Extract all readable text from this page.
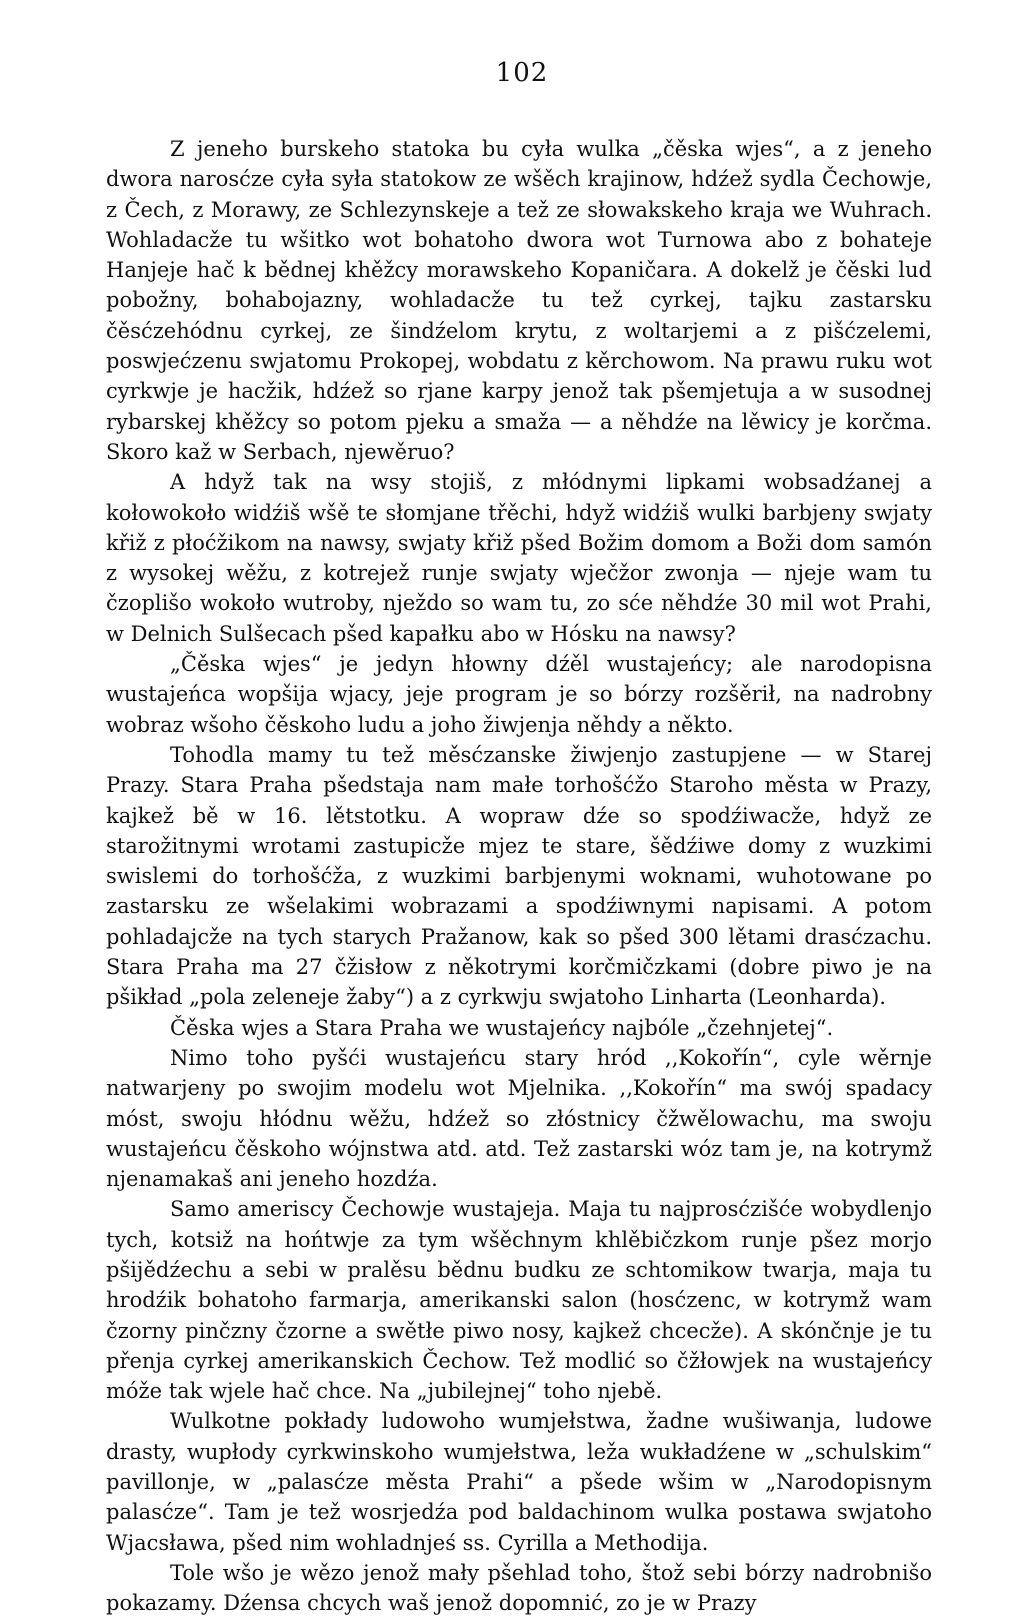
102

Z jeneho burskeho statoka bu cyła wulka „čěska wjes“, a z jeneho dwora narosćze cyła syła statokow ze wšěch krajinow, hdźež sydla Čechowje, z Čech, z Morawy, ze Schlezynskeje a tež ze słowakskeho kraja we Wuhrach. Wohladacže tu wšitko wot bohatoho dwora wot Turnowa abo z bohateje Hanjeje hač k bědnej khěžcy morawskeho Kopaničara. A dokelž je čěski lud pobožny, bohabojazny, wohladacže tu tež cyrkej, tajku zastarsku čěsćzehódnu cyrkej, ze šindźelom krytu, z woltarjemi a z pišćzelemi, poswjećzenu swjatomu Prokopej, wobdatu z kěrchowom. Na prawu ruku wot cyrkwje je hacžik, hdźež so rjane karpy jenož tak pšemjetuja a w susodnej rybarskej khěžcy so potom pjeku a smaža — a něhdźe na lěwicy je korčma. Skoro kaž w Serbach, njewěruo?

A hdyž tak na wsy stojiš, z młódnymi lipkami wobsadźanej a kołowokoło widźiš wšě te słomjane třěchi, hdyž widźiš wulki barbjeny swjaty křiž z płoćžikom na nawsy, swjaty křiž pšed Božim domom a Boži dom samón z wysokej wěžu, z kotrejež runje swjaty wječžor zwonja — njeje wam tu čzoplišo wokoło wutroby, nježdo so wam tu, zo sće něhdźe 30 mil wot Prahi, w Delnich Sulšecach pšed kapałku abo w Hósku na nawsy?

„Čěska wjes“ je jedyn hłowny dźěl wustajeńcy; ale narodopisna wustajeńca wopšija wjacy, jeje program je so bórzy rozšěrił, na nadrobny wobraz wšoho čěskoho ludu a joho žiwjenja něhdy a někto.

Tohodla mamy tu tež měsćzanske žiwjenjo zastupjene — w Starej Prazy. Stara Praha pšedstaja nam małe torhošćžo Staroho města w Prazy, kajkež bě w 16. lětstotku. A wopraw dźe so spodźiwacže, hdyž ze starožitnymi wrotami zastupicže mjez te stare, šědźiwe domy z wuzkimi swislemi do torhošćža, z wuzkimi barbjenymi woknami, wuhotowane po zastarsku ze wšelakimi wobrazami a spodźiwnymi napisami. A potom pohladajcže na tych starych Pražanow, kak so pšed 300 lětami drasćzachu. Stara Praha ma 27 čžisłow z někotrymi korčmičzkami (dobre piwo je na pšikład „pola zeleneje žaby“) a z cyrkwju swjatoho Linharta (Leonharda).

Čěska wjes a Stara Praha we wustajeńcy najbóle „čzehnjetej“.

Nimo toho pyšći wustajeńcu stary hród ,,Kokořín“, cyle wěrnje natwarjeny po swojim modelu wot Mjelnika. ,,Kokořín“ ma swój spadacy móst, swoju hłódnu wěžu, hdźež so złóstnicy čžwělowachu, ma swoju wustajeńcu čěskoho wójnstwa atd. atd. Tež zastarski wóz tam je, na kotrymž njenamakaš ani jeneho hozdźa.

Samo ameriscy Čechowje wustajeja. Maja tu najprosćzišće wobydlenjo tych, kotsiž na hońtwje za tym wšěchnym khlěbičzkom runje pšez morjo pšijědźechu a sebi w pralěsu bědnu budku ze schtomikow twarja, maja tu hrodźik bohatoho farmarja, amerikanski salon (hosćzenc, w kotrymž wam čzorny pinčzny čzorne a swětłe piwo nosy, kajkež chcecže). A skónčnje je tu přenja cyrkej amerikanskich Čechow. Tež modlić so čžłowjek na wustajeńcy móže tak wjele hač chce. Na „jubilejnej“ toho njebě.

Wulkotne pokłady ludowoho wumjełstwa, žadne wušiwanja, ludowe drasty, wupłody cyrkwinskoho wumjełstwa, leža wukładźene w „schulskim“ pavillonje, w „palasćze města Prahi“ a pšede wšim w „Narodopisnym palasćze“. Tam je tež wosrjedźa pod baldachinom wulka postawa swjatoho Wjacsława, pšed nim wohladnjeś ss. Cyrilla a Methodija.

Tole wšo je wězo jenož mały pšehlad toho, štož sebi bórzy nadrobnišo pokazamy. Dźensa chcych waš jenož dopomnić, zo je w Prazy
